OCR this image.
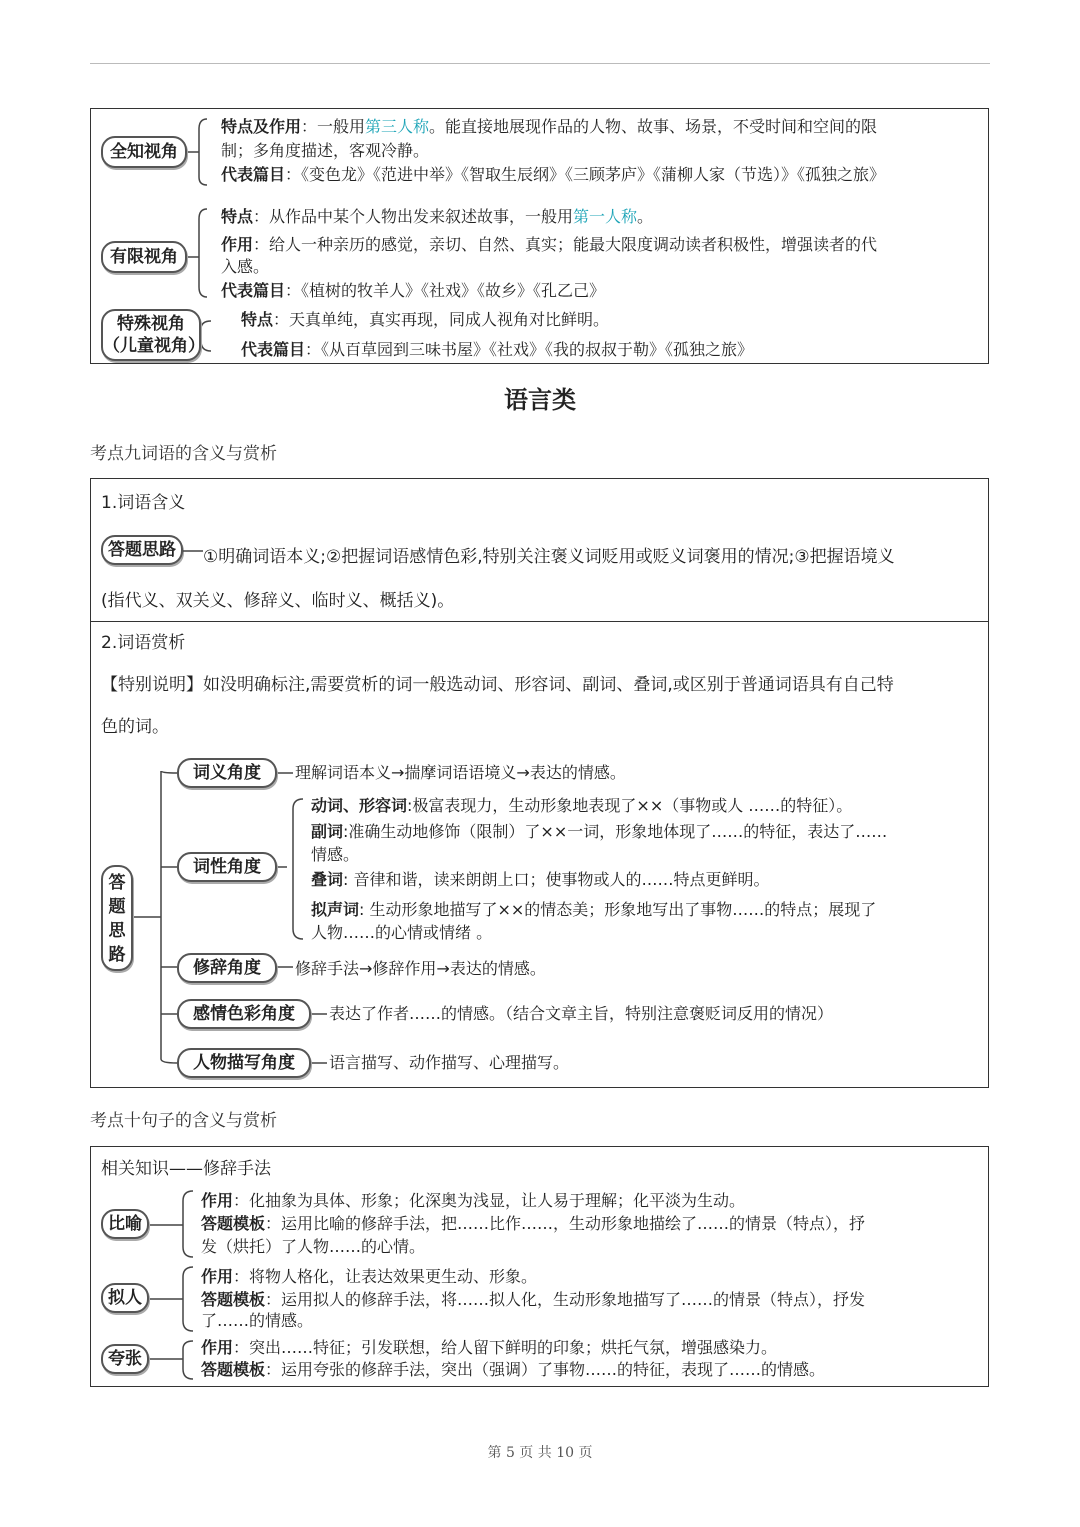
全知视角
特点及作用：一般用第三人称。能直接地展现作品的人物、故事、场景，不受时间和空间的限
制；多角度描述，客观冷静。
代表篇目：《变色龙》《范进中举》《智取生辰纲》《三顾茅庐》《蒲柳人家（节选）》《孤独之旅》
有限视角
特点：从作品中某个人物出发来叙述故事，一般用第一人称。
作用：给人一种亲历的感觉，亲切、自然、真实；能最大限度调动读者积极性，增强读者的代
入感。
代表篇目：《植树的牧羊人》《社戏》《故乡》《孔乙己》
特殊视角
（儿童视角）
特点：天真单纯，真实再现，同成人视角对比鲜明。
代表篇目：《从百草园到三味书屋》《社戏》《我的叔叔于勒》《孤独之旅》
语言类
考点九词语的含义与赏析
1.词语含义
答题思路	①明确词语本义;②把握词语感情色彩,特别关注褒义词贬用或贬义词褒用的情况;③把握语境义
(指代义、双关义、修辞义、临时义、概括义)。
2.词语赏析
【特别说明】如没明确标注,需要赏析的词一般选动词、形容词、副词、叠词,或区别于普通词语具有自己特
色的词。
答
题
思
路
词义角度	理解词语本义→揣摩词语语境义→表达的情感。
词性角度
动词、形容词:极富表现力，生动形象地表现了××（事物或人 ……的特征）。
副词:准确生动地修饰（限制）了××一词，形象地体现了……的特征，表达了……
情感。
叠词: 音律和谐，读来朗朗上口；使事物或人的……特点更鲜明。
拟声词: 生动形象地描写了××的情态美；形象地写出了事物……的特点；展现了
人物……的心情或情绪 。
修辞角度	修辞手法→修辞作用→表达的情感。
感情色彩角度	表达了作者……的情感。（结合文章主旨，特别注意褒贬词反用的情况）
人物描写角度	语言描写、动作描写、心理描写。
考点十句子的含义与赏析
相关知识——修辞手法
比喻
作用：化抽象为具体、形象；化深奥为浅显，让人易于理解；化平淡为生动。
答题模板：运用比喻的修辞手法，把……比作……，生动形象地描绘了……的情景（特点），抒
发（烘托）了人物……的心情。
拟人
作用：将物人格化，让表达效果更生动、形象。
答题模板：运用拟人的修辞手法，将……拟人化，生动形象地描写了……的情景（特点），抒发
了……的情感。
夸张
作用：突出……特征；引发联想，给人留下鲜明的印象；烘托气氛，增强感染力。
答题模板：运用夸张的修辞手法，突出（强调）了事物……的特征，表现了……的情感。
第 5 页 共 10 页
